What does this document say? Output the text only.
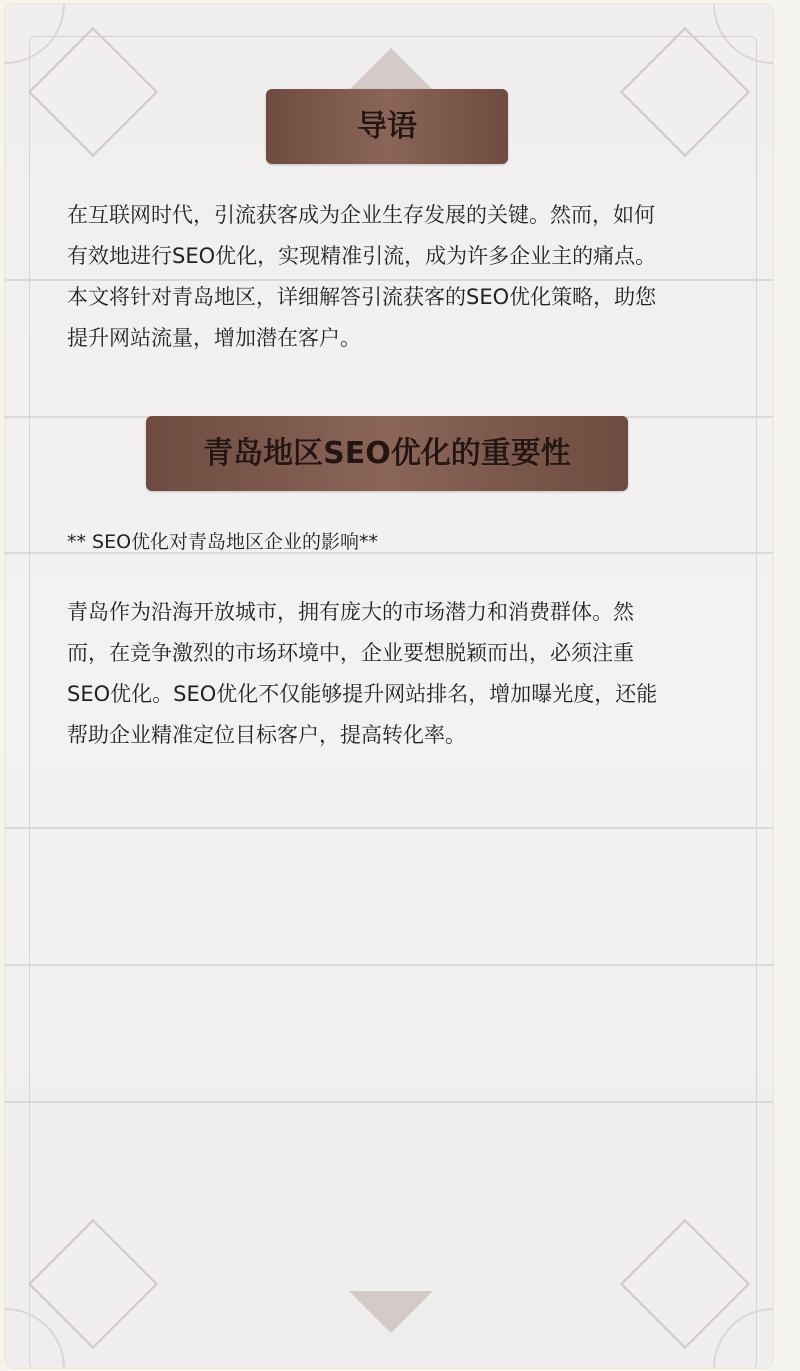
导语

在互联网时代，引流获客成为企业生存发展的关键。然而，如何
有效地进行SEO优化，实现精准引流，成为许多企业主的痛点。
本文将针对青岛地区，详细解答引流获客的SEO优化策略，助您
提升网站流量，增加潜在客户。

青岛地区SEO优化的重要性

** SEO优化对青岛地区企业的影响**

青岛作为沿海开放城市，拥有庞大的市场潜力和消费群体。然
而，在竞争激烈的市场环境中，企业要想脱颖而出，必须注重
SEO优化。SEO优化不仅能够提升网站排名，增加曝光度，还能
帮助企业精准定位目标客户，提高转化率。
